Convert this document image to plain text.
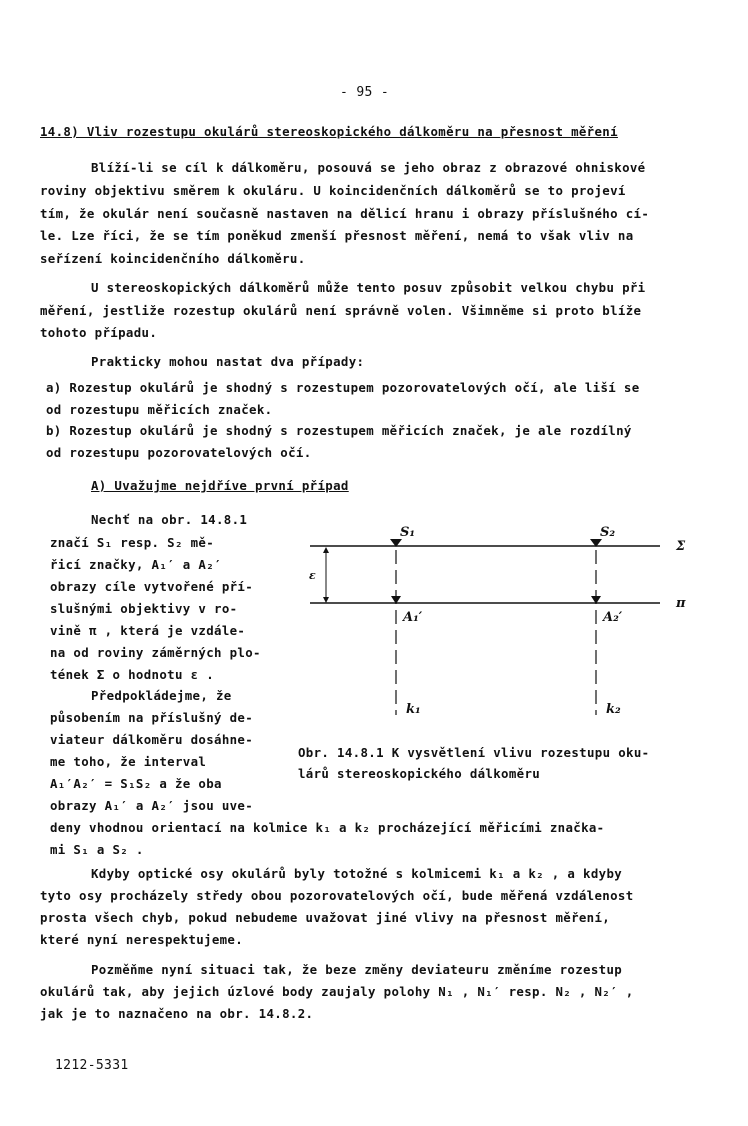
- 95 -
14.8) Vliv rozestupu okulárů stereoskopického dálkoměru na přesnost měření
Blíží-li se cíl k dálkoměru, posouvá se jeho obraz z obrazové ohniskové
roviny objektivu směrem k okuláru. U koincidenčních dálkoměrů se to projeví
tím, že okulár není současně nastaven na dělicí hranu i obrazy příslušného cí-
le. Lze říci, že se tím poněkud zmenší přesnost měření, nemá to však vliv na
seřízení koincidenčního dálkoměru.
U stereoskopických dálkoměrů může tento posuv způsobit velkou chybu při
měření, jestliže rozestup okulárů není správně volen. Všimněme si proto blíže
tohoto případu.
Prakticky mohou nastat dva případy:
a) Rozestup okulárů je shodný s rozestupem pozorovatelových očí, ale liší se
od rozestupu měřicích značek.
b) Rozestup okulárů je shodný s rozestupem měřicích značek, je ale rozdílný
od rozestupu pozorovatelových očí.
A) Uvažujme nejdříve první případ
Nechť na obr. 14.8.1
značí S₁ resp. S₂ mě-
řicí značky, A₁′ a A₂′
obrazy cíle vytvořené pří-
slušnými objektivy v ro-
vině π , která je vzdále-
na od roviny záměrných plo-
tének Σ o hodnotu ε .
Předpokládejme, že
působením na příslušný de-
viateur dálkoměru dosáhne-
me toho, že interval
A₁′A₂′ = S₁S₂ a že oba
obrazy A₁′ a A₂′ jsou uve-
S₁	S₂
Σ
π
A₁′	A₂′
k₁	k₂
ε
Obr. 14.8.1 K vysvětlení vlivu rozestupu oku-
lárů stereoskopického dálkoměru
deny vhodnou orientací na kolmice k₁ a k₂ procházející měřicími značka-
mi S₁ a S₂ .
Kdyby optické osy okulárů byly totožné s kolmicemi k₁ a k₂ , a kdyby
tyto osy procházely středy obou pozorovatelových očí, bude měřená vzdálenost
prosta všech chyb, pokud nebudeme uvažovat jiné vlivy na přesnost měření,
které nyní nerespektujeme.
Pozměňme nyní situaci tak, že beze změny deviateuru změníme rozestup
okulárů tak, aby jejich úzlové body zaujaly polohy N₁ , N₁′ resp. N₂ , N₂′ ,
jak je to naznačeno na obr. 14.8.2.
1212-5331
